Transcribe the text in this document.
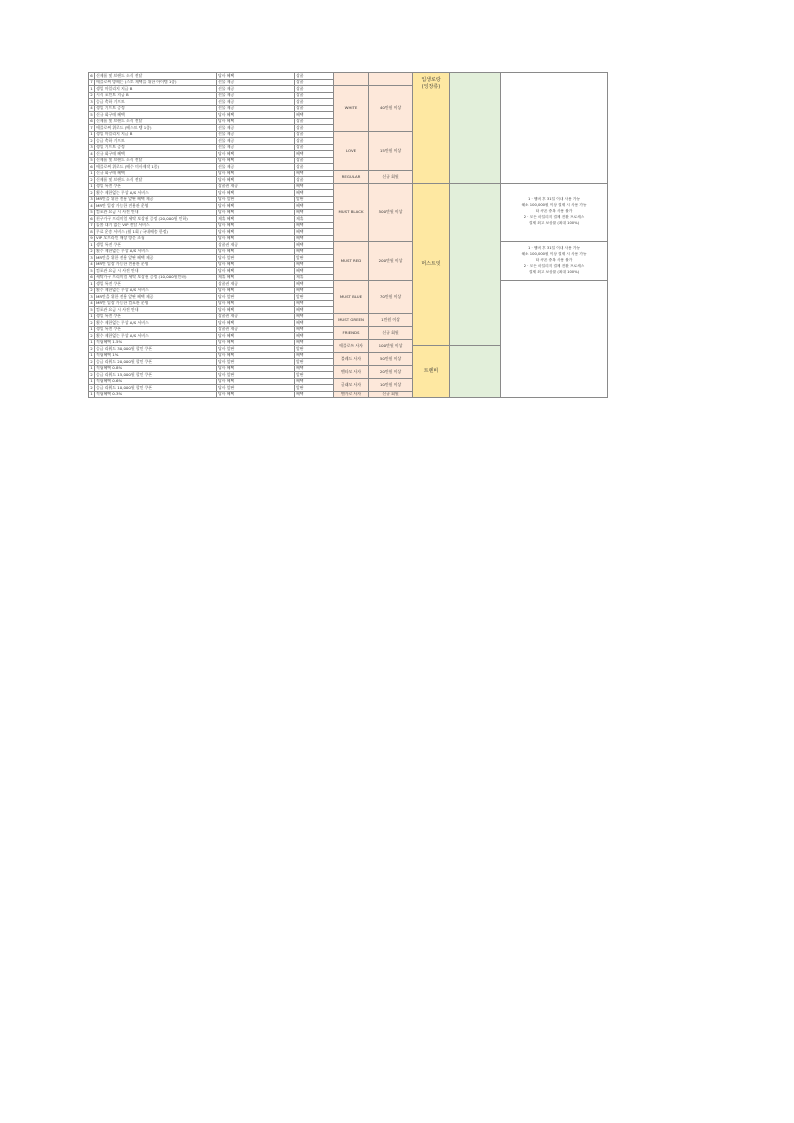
6	신제품 및 브랜드 소식 전달	당사 혜택	상품			입생로랑
(잉장류)		
7	애플로써 방해는 (스토 재택을 위한 아이템 1종)	선물 제공	상품					
1	생일 마일리지 지급 B	선물 제공	상품	WHITE	40만원 이상			
2	시식 포인트 지급 B	선물 제공	상품					
3	승급 축하 기프트	선물 제공	상품					
4	생일 기프트 증정	선물 제공	상품					
5	신규 회구매 혜택	당사 혜택	혜택					
6	신제품 및 브랜드 소식 전달	당사 혜택	상품					
7	애플로써 위로드 (베스트 템 1종)	선물 제공	상품					
1	생일 마일리지 지급 B	선물 제공	상품	LOVE	15만원 이상			
2	승급 축하 기프트	선물 제공	상품					
3	생일 기프트 증정	선물 제공	상품					
4	신규 회구매 혜택	당사 혜택	혜택					
5	신제품 및 브랜드 소식 전달	당사 혜택	상품					
6	애플로써 위로드 (배수 미사제작 1종)	선물 제공	상품					
1	신규 회구매 혜택	당사 혜택	혜택	REGULAR	신규 회원			
2	신제품 및 브랜드 소식 전달	당사 혜택	상품					
1	생일 특전 쿠폰	상품권 제공	혜택	MUST BLACK	500만원 이상	머스트잇		1 · 멤버 후 31일 이내 사용 가능
혜소 100,000원 이상 결제 시 사용 가능
타 쿠폰 중복 사용 불가
2 · 모든 마일리지 결제 전환 프로세스
결제 최고 보상률 (최대 100%)
2	횟수 제한없는 무상 A/S 서비스	당사 혜택	혜택					
3	MR만을 위한 전용 앞판 혜택 제공	당사 앞판	앞판					
4	MR만 입장 가능한 전용관 운영	당사 혜택	혜택					
5	컴포관 요금 시 사전 안내	당사 혜택	혜택					
6	친구가구 프리미엄 세탁 보상권 증정 (20,000원 인하)	제휴 혜택	제휴					
7	돌봄 대기 없는 VIP 전담 서비스	당사 혜택	혜택					
8	무료 운송 서비스 (월 1회 / 국내배송 한정)	당사 혜택	혜택					
9	VIP 오프라인 매장 방문 초청	당사 혜택	혜택					
1	생일 특전 쿠폰	상품권 제공	혜택	MUST RED	200만원 이상			1 · 멤버 후 31일 이내 사용 가능
혜소 100,000원 이상 결제 시 사용 가능
타 쿠폰 중복 사용 불가
2 · 모든 마일리지 결제 전환 프로세스
결제 최고 보상률 (최대 100%)
2	횟수 제한없는 무상 A/S 서비스	당사 혜택	혜택					
3	MR만을 위한 전용 앞판 혜택 제공	당사 앞판	앞판					
4	MR만 입장 가능한 전용관 운영	당사 혜택	혜택					
5	컴포관 요금 시 사전 안내	당사 혜택	혜택					
6	세탁가구 프리미엄 세탁 보상권 증정 (10,000원인하)	제휴 혜택	제휴					
1	생일 특전 쿠폰	상품권 제공	혜택	MUST BLUE	70만원 이상			
2	횟수 제한없는 무상 A/S 서비스	당사 혜택	혜택					
3	MR만을 위한 전용 앞판 혜택 제공	당사 앞판	앞판					
4	MR만 입장 가능한 컴포관 운영	당사 혜택	혜택					
5	컴포관 요금 시 사전 안내	당사 혜택	혜택					
1	생일 특전 쿠폰	상품권 제공	혜택	MUST GREEN	1만원 이상			
2	횟수 제한없는 무상 A/S 서비스	당사 혜택	혜택					
1	생일 특전 쿠폰	상품권 제공	혜택	FRIENDS	신규 회원			
2	횟수 제한없는 무상 A/S 서비스	당사 혜택	혜택					
1	적립혜택 1.5%	당사 혜택	혜택	애플로쓰 사자	100만원 이상			
2	승급 리워드 30,000원 할인 쿠폰	당사 앞판	앞판			트렌비		
1	적립혜택 1%	당사 혜택	혜택	블레드 사자	50만원 이상			
2	승급 리워드 20,000원 할인 쿠폰	당사 앞판	앞판					
1	적립혜택 0.8%	당사 혜택	혜택	밴타모 사자	20만원 이상			
2	승급 리워드 15,000원 할인 쿠폰	당사 앞판	앞판					
1	적립혜택 0.6%	당사 혜택	혜택	글래모 사자	10만원 이상			
2	승급 리워드 10,000원 할인 쿠폰	당사 앞판	앞판					
1	적립혜택 0.3%	당사 혜택	혜택	밴가로 사자	신규 회원			
